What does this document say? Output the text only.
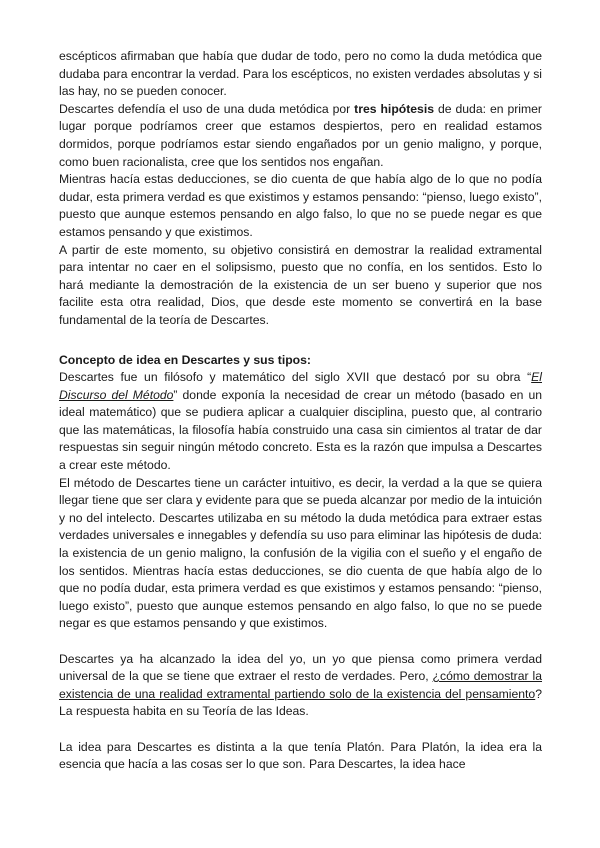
escépticos afirmaban que había que dudar de todo, pero no como la duda metódica que dudaba para encontrar la verdad. Para los escépticos, no existen verdades absolutas y si las hay, no se pueden conocer.

Descartes defendía el uso de una duda metódica por tres hipótesis de duda: en primer lugar porque podríamos creer que estamos despiertos, pero en realidad estamos dormidos, porque podríamos estar siendo engañados por un genio maligno, y porque, como buen racionalista, cree que los sentidos nos engañan.

Mientras hacía estas deducciones, se dio cuenta de que había algo de lo que no podía dudar, esta primera verdad es que existimos y estamos pensando: “pienso, luego existo”, puesto que aunque estemos pensando en algo falso, lo que no se puede negar es que estamos pensando y que existimos.

A partir de este momento, su objetivo consistirá en demostrar la realidad extramental para intentar no caer en el solipsismo, puesto que no confía, en los sentidos. Esto lo hará mediante la demostración de la existencia de un ser bueno y superior que nos facilite esta otra realidad, Dios, que desde este momento se convertirá en la base fundamental de la teoría de Descartes.

Concepto de idea en Descartes y sus tipos:

Descartes fue un filósofo y matemático del siglo XVII que destacó por su obra “El Discurso del Método” donde exponía la necesidad de crear un método (basado en un ideal matemático) que se pudiera aplicar a cualquier disciplina, puesto que, al contrario que las matemáticas, la filosofía había construido una casa sin cimientos al tratar de dar respuestas sin seguir ningún método concreto. Esta es la razón que impulsa a Descartes a crear este método.

El método de Descartes tiene un carácter intuitivo, es decir, la verdad a la que se quiera llegar tiene que ser clara y evidente para que se pueda alcanzar por medio de la intuición y no del intelecto. Descartes utilizaba en su método la duda metódica para extraer estas verdades universales e innegables y defendía su uso para eliminar las hipótesis de duda: la existencia de un genio maligno, la confusión de la vigilia con el sueño y el engaño de los sentidos. Mientras hacía estas deducciones, se dio cuenta de que había algo de lo que no podía dudar, esta primera verdad es que existimos y estamos pensando: “pienso, luego existo”, puesto que aunque estemos pensando en algo falso, lo que no se puede negar es que estamos pensando y que existimos.

Descartes ya ha alcanzado la idea del yo, un yo que piensa como primera verdad universal de la que se tiene que extraer el resto de verdades. Pero, ¿cómo demostrar la existencia de una realidad extramental partiendo solo de la existencia del pensamiento? La respuesta habita en su Teoría de las Ideas.

La idea para Descartes es distinta a la que tenía Platón. Para Platón, la idea era la esencia que hacía a las cosas ser lo que son. Para Descartes, la idea hace
